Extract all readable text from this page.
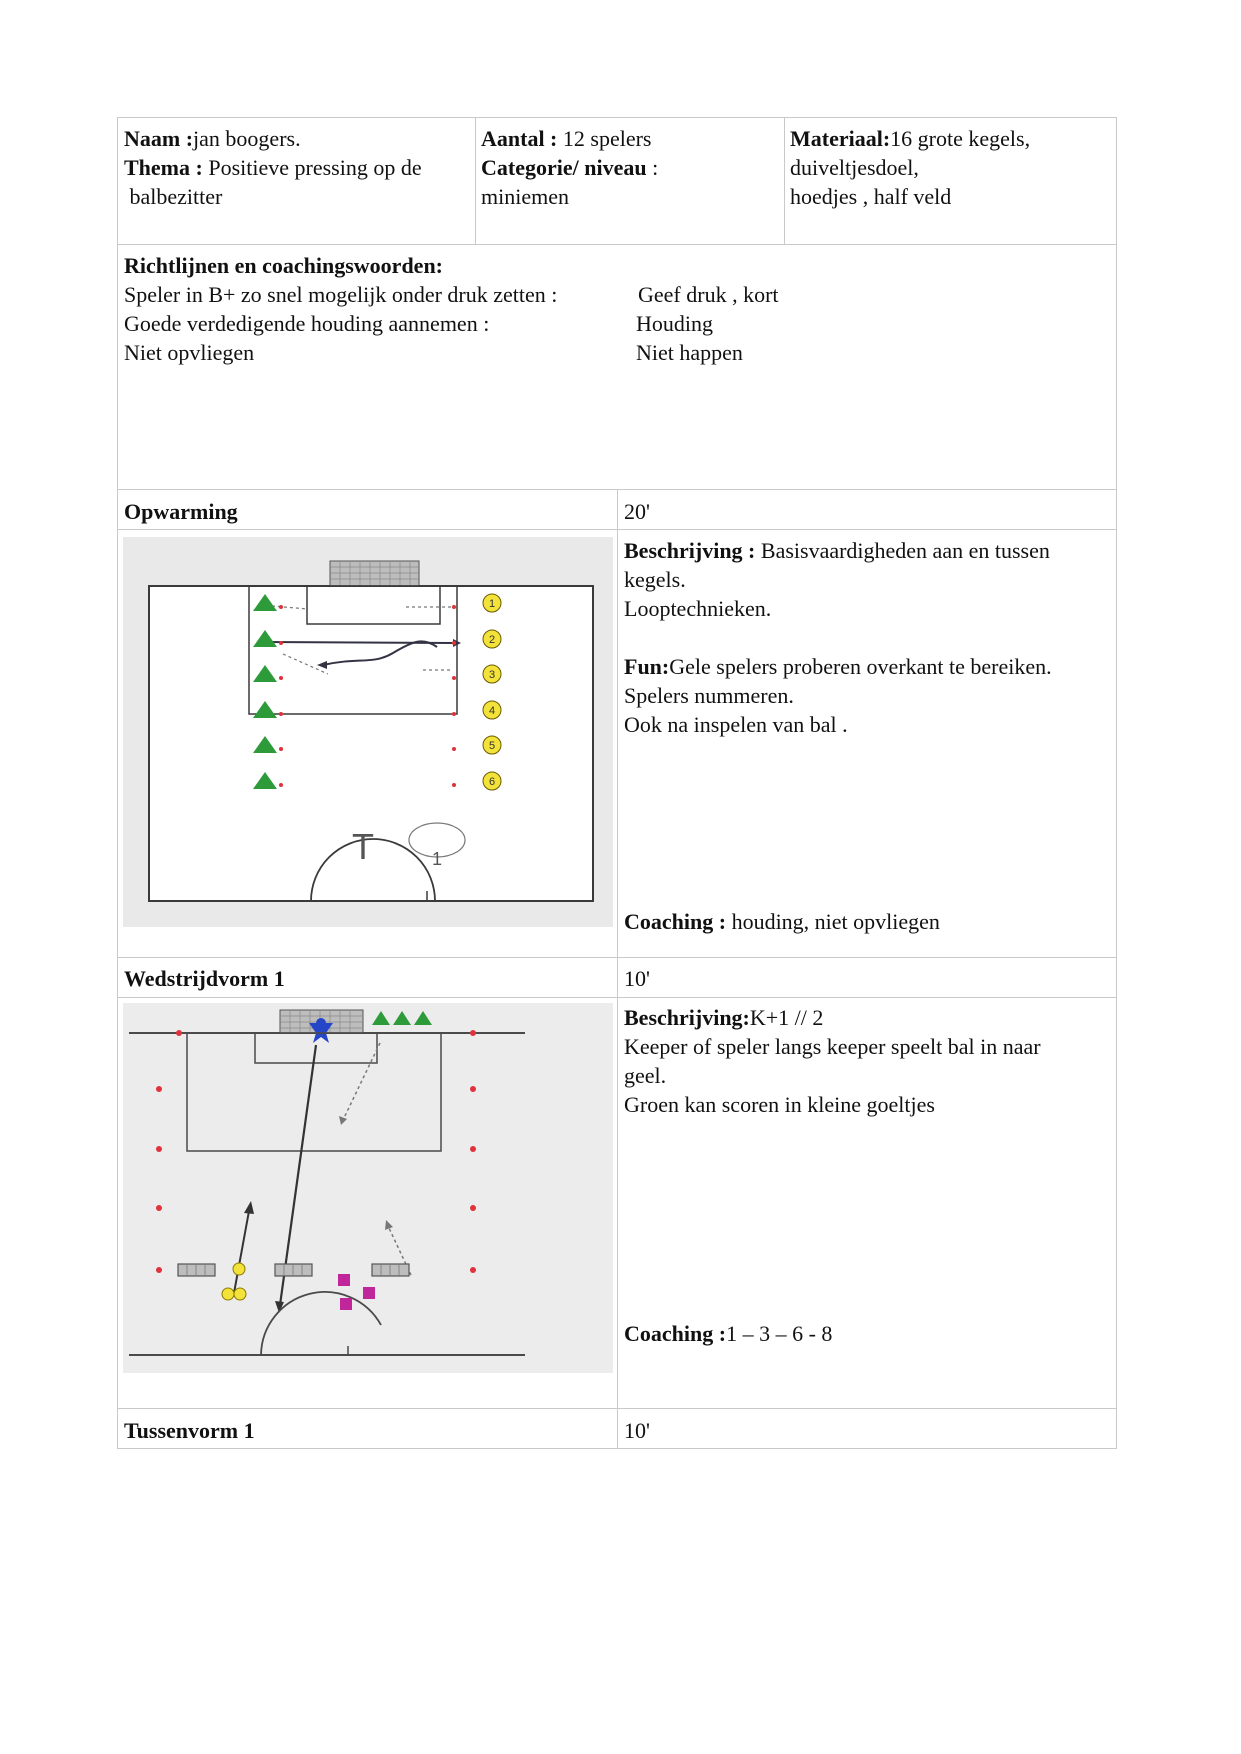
Naam :jan boogers.
Thema : Positieve pressing op de
balbezitter
Aantal : 12 spelers
Categorie/ niveau :
miniemen
Materiaal:16 grote kegels,
duiveltjesdoel,
hoedjes , half veld
Richtlijnen en coachingswoorden:
Speler in B+ zo snel mogelijk onder druk zetten :	Geef druk , kort
Goede verdedigende houding aannemen :	Houding
Niet opvliegen	Niet happen
Opwarming	20'
1
2
3
4
5
6
T	1
Beschrijving : Basisvaardigheden aan en tussen
kegels.
Looptechnieken.
Fun:Gele spelers proberen overkant te bereiken.
Spelers nummeren.
Ook na inspelen van bal .
Coaching : houding, niet opvliegen
Wedstrijdvorm 1	10'
Beschrijving:K+1 // 2
Keeper of speler langs keeper speelt bal in naar
geel.
Groen kan scoren in kleine goeltjes
Coaching :1 – 3 – 6 - 8
Tussenvorm 1	10'
